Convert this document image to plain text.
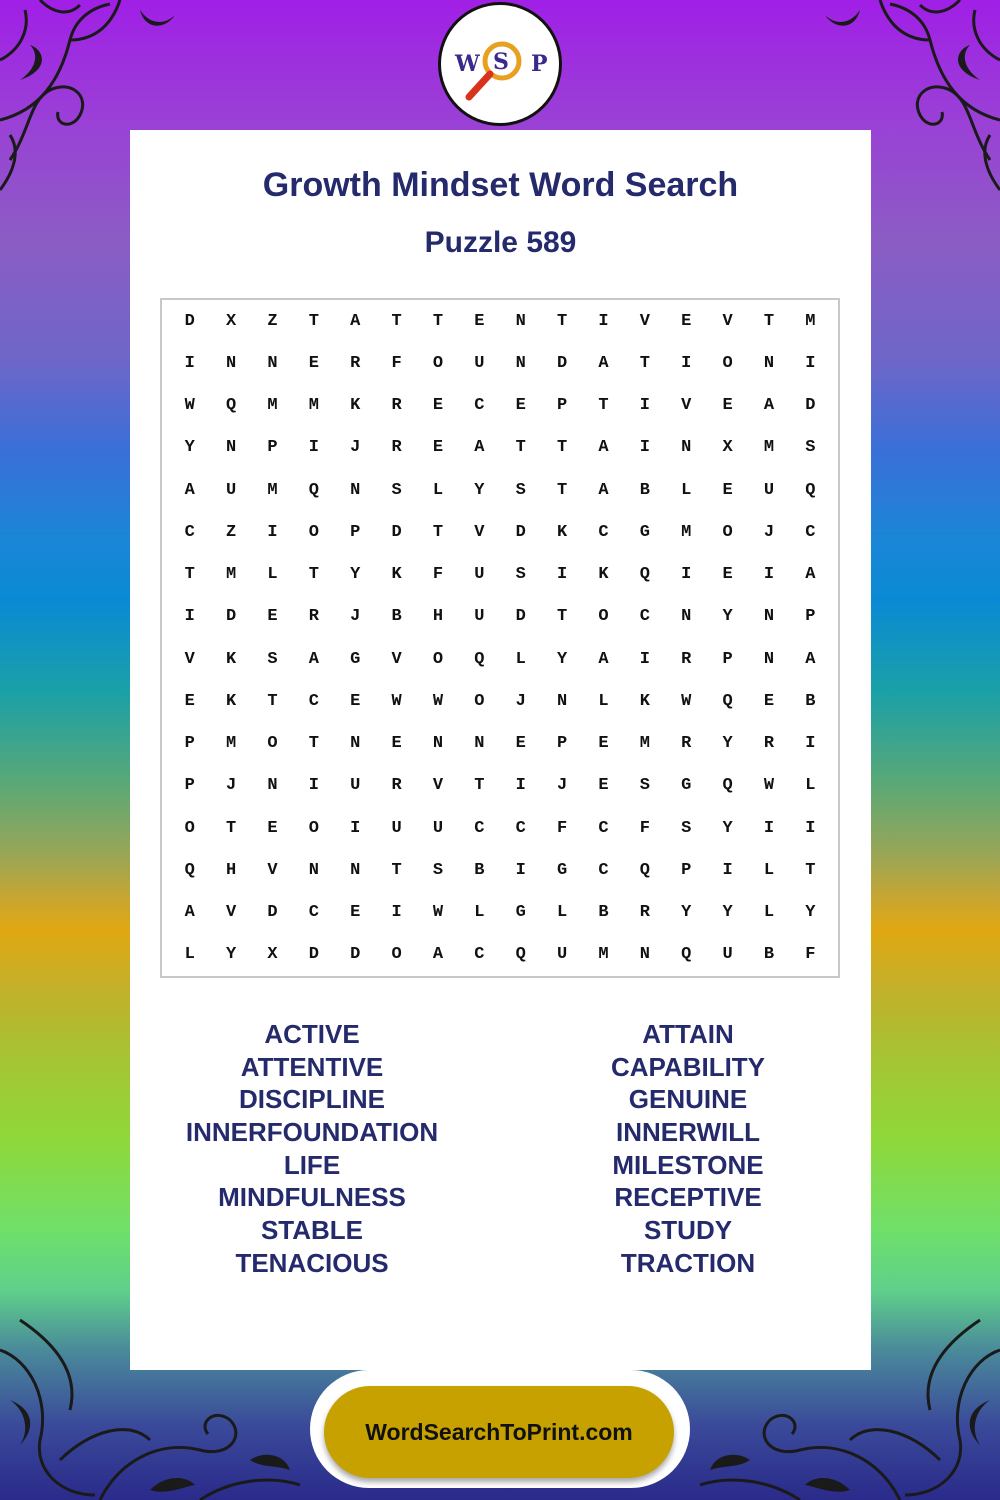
W S P
Growth Mindset Word Search
Puzzle 589
D	X	Z	T	A	T	T	E	N	T	I	V	E	V	T	M
I	N	N	E	R	F	O	U	N	D	A	T	I	O	N	I
W	Q	M	M	K	R	E	C	E	P	T	I	V	E	A	D
Y	N	P	I	J	R	E	A	T	T	A	I	N	X	M	S
A	U	M	Q	N	S	L	Y	S	T	A	B	L	E	U	Q
C	Z	I	O	P	D	T	V	D	K	C	G	M	O	J	C
T	M	L	T	Y	K	F	U	S	I	K	Q	I	E	I	A
I	D	E	R	J	B	H	U	D	T	O	C	N	Y	N	P
V	K	S	A	G	V	O	Q	L	Y	A	I	R	P	N	A
E	K	T	C	E	W	W	O	J	N	L	K	W	Q	E	B
P	M	O	T	N	E	N	N	E	P	E	M	R	Y	R	I
P	J	N	I	U	R	V	T	I	J	E	S	G	Q	W	L
O	T	E	O	I	U	U	C	C	F	C	F	S	Y	I	I
Q	H	V	N	N	T	S	B	I	G	C	Q	P	I	L	T
A	V	D	C	E	I	W	L	G	L	B	R	Y	Y	L	Y
L	Y	X	D	D	O	A	C	Q	U	M	N	Q	U	B	F
ACTIVE
ATTENTIVE
DISCIPLINE
INNERFOUNDATION
LIFE
MINDFULNESS
STABLE
TENACIOUS
ATTAIN
CAPABILITY
GENUINE
INNERWILL
MILESTONE
RECEPTIVE
STUDY
TRACTION
WordSearchToPrint.com
